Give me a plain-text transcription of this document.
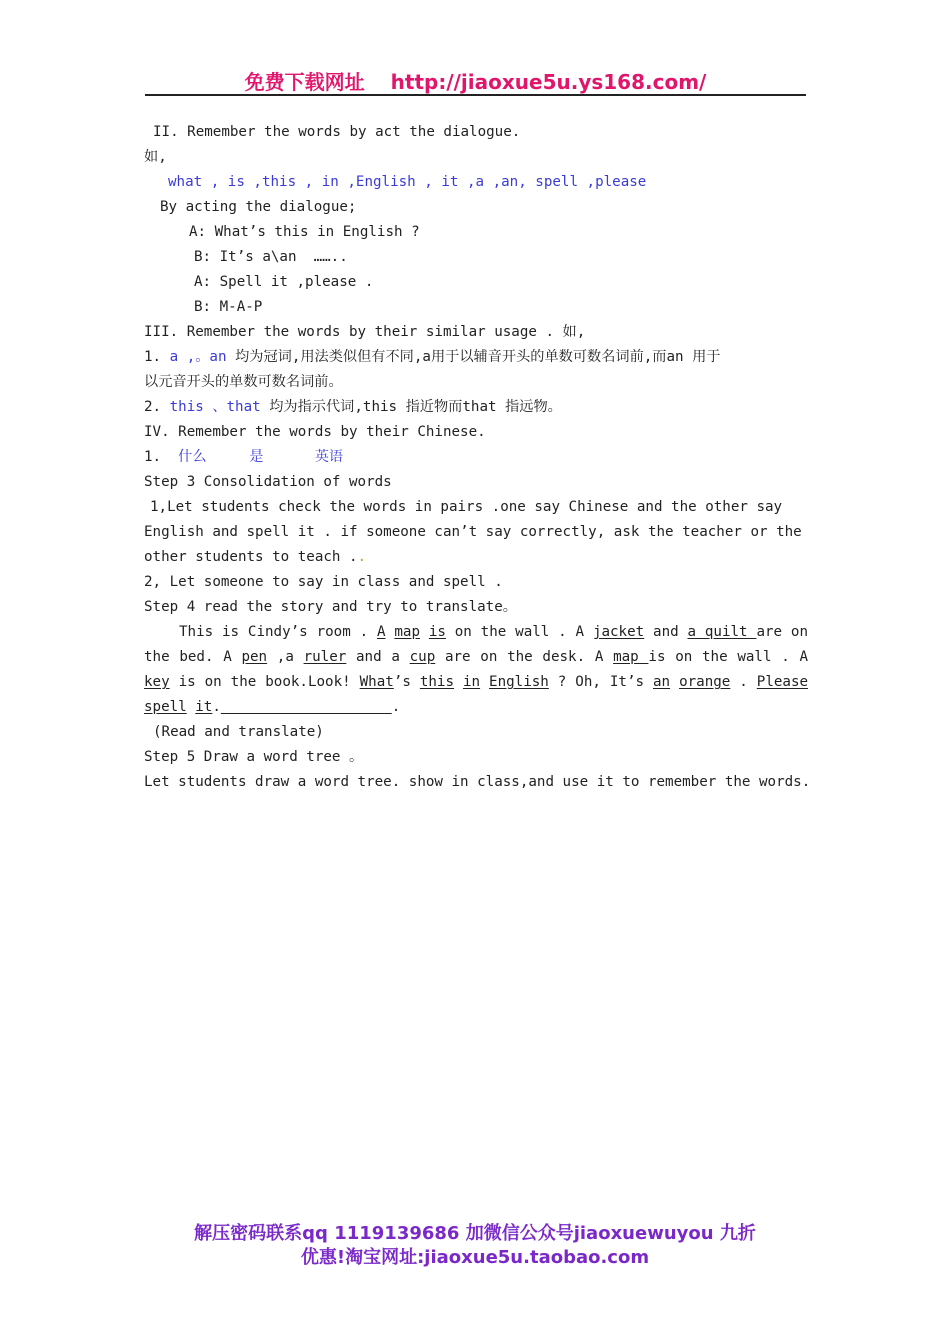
免费下载网址 http://jiaoxue5u.ys168.com/
II. Remember the words by act the dialogue.
如,
what , is ,this , in ,English , it ,a ,an, spell ,please
By acting the dialogue;
A: What’s this in English ?
B: It’s a\an  ……..
A: Spell it ,please .
B: M-A-P
III. Remember the words by their similar usage . 如,
1. a ,。an 均为冠词,用法类似但有不同,a用于以辅音开头的单数可数名词前,而an 用于
以元音开头的单数可数名词前。
2. this 、that 均为指示代词,this 指近物而that 指远物。
IV. Remember the words by their Chinese.
1.  什么     是      英语
Step 3 Consolidation of words
1,Let students check the words in pairs .one say Chinese and the other say
English and spell it . if someone can’t say correctly, ask the teacher or the
other students to teach ..
2, Let someone to say in class and spell .
Step 4 read the story and try to translate。
This is Cindy’s room . A map is on the wall . A jacket and a quilt are on
the bed. A pen ,a ruler and a cup are on the desk. A map is on the wall . A
key is on the book.Look! What’s this in English ? Oh, It’s an orange . Please
spell it.	.
(Read and translate)
Step 5 Draw a word tree 。
Let students draw a word tree. show in class,and use it to remember the words.
解压密码联系qq 1119139686 加微信公众号jiaoxuewuyou 九折
优惠!淘宝网址:jiaoxue5u.taobao.com
